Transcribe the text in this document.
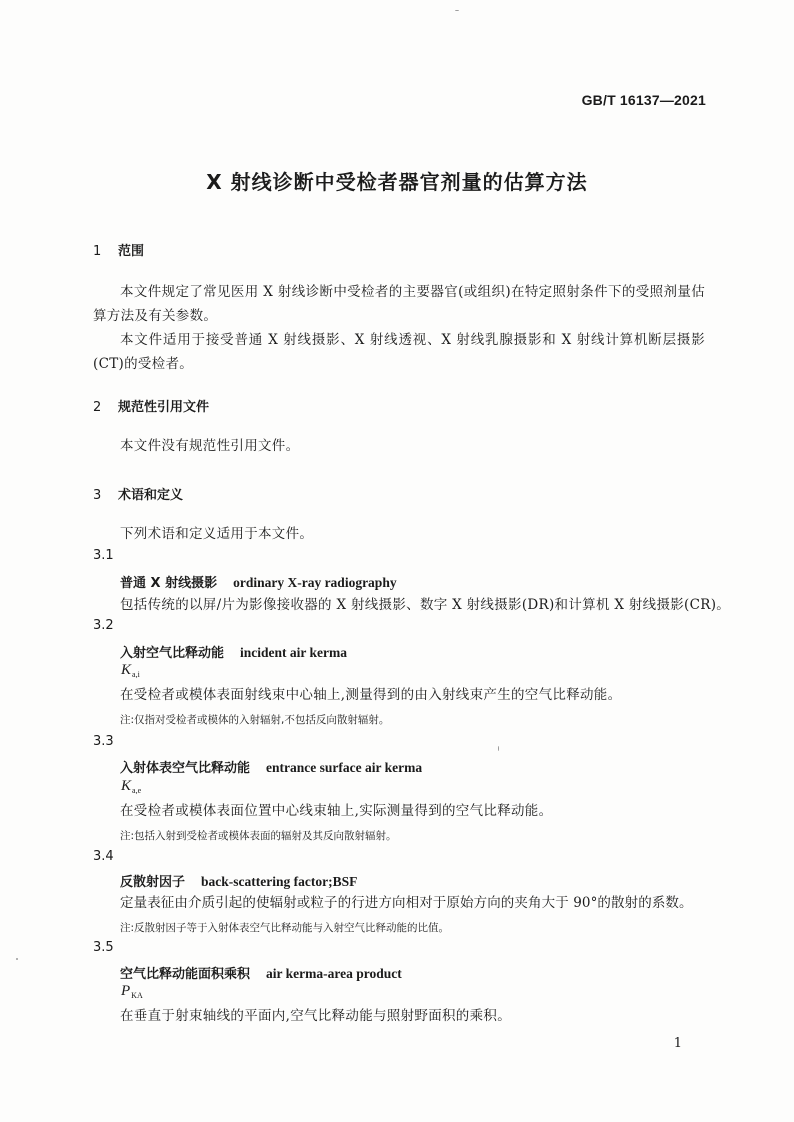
GB/T 16137—2021
X 射线诊断中受检者器官剂量的估算方法
1 范围
本文件规定了常见医用 X 射线诊断中受检者的主要器官(或组织)在特定照射条件下的受照剂量估算方法及有关参数。
本文件适用于接受普通 X 射线摄影、X 射线透视、X 射线乳腺摄影和 X 射线计算机断层摄影(CT)的受检者。
2 规范性引用文件
本文件没有规范性引用文件。
3 术语和定义
下列术语和定义适用于本文件。
3.1
普通 X 射线摄影 ordinary X-ray radiography
包括传统的以屏/片为影像接收器的 X 射线摄影、数字 X 射线摄影(DR)和计算机 X 射线摄影(CR)。
3.2
入射空气比释动能 incident air kerma
$K_{a,i}$
在受检者或模体表面射线束中心轴上,测量得到的由入射线束产生的空气比释动能。
注:仅指对受检者或模体的入射辐射,不包括反向散射辐射。
3.3
入射体表空气比释动能 entrance surface air kerma
$K_{a,e}$
在受检者或模体表面位置中心线束轴上,实际测量得到的空气比释动能。
注:包括入射到受检者或模体表面的辐射及其反向散射辐射。
3.4
反散射因子 back-scattering factor;BSF
定量表征由介质引起的使辐射或粒子的行进方向相对于原始方向的夹角大于 90°的散射的系数。
注:反散射因子等于入射体表空气比释动能与入射空气比释动能的比值。
3.5
空气比释动能面积乘积 air kerma-area product
$P_{KA}$
在垂直于射束轴线的平面内,空气比释动能与照射野面积的乘积。
1
